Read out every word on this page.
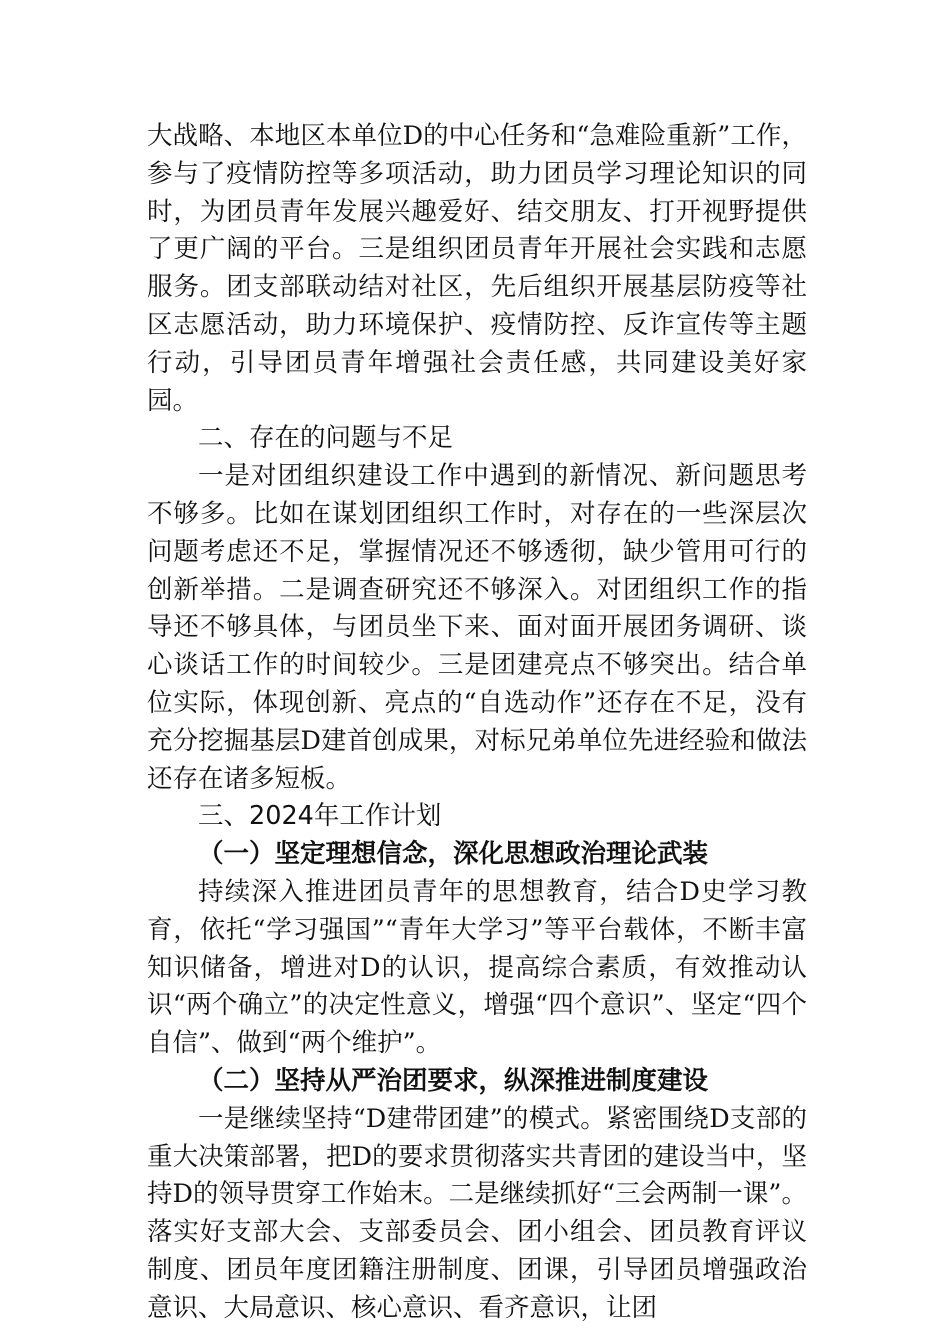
大战略、本地区本单位D的中心任务和“急难险重新”工作，参与了疫情防控等多项活动，助力团员学习理论知识的同时，为团员青年发展兴趣爱好、结交朋友、打开视野提供了更广阔的平台。三是组织团员青年开展社会实践和志愿服务。团支部联动结对社区，先后组织开展基层防疫等社区志愿活动，助力环境保护、疫情防控、反诈宣传等主题行动，引导团员青年增强社会责任感，共同建设美好家园。

二、存在的问题与不足

一是对团组织建设工作中遇到的新情况、新问题思考不够多。比如在谋划团组织工作时，对存在的一些深层次问题考虑还不足，掌握情况还不够透彻，缺少管用可行的创新举措。二是调查研究还不够深入。对团组织工作的指导还不够具体，与团员坐下来、面对面开展团务调研、谈心谈话工作的时间较少。三是团建亮点不够突出。结合单位实际，体现创新、亮点的“自选动作”还存在不足，没有充分挖掘基层D建首创成果，对标兄弟单位先进经验和做法还存在诸多短板。

三、2024年工作计划

（一）坚定理想信念，深化思想政治理论武装

持续深入推进团员青年的思想教育，结合D史学习教育，依托“学习强国”“青年大学习”等平台载体，不断丰富知识储备，增进对D的认识，提高综合素质，有效推动认识“两个确立”的决定性意义，增强“四个意识”、坚定“四个自信”、做到“两个维护”。

（二）坚持从严治团要求，纵深推进制度建设

一是继续坚持“D建带团建”的模式。紧密围绕D支部的重大决策部署，把D的要求贯彻落实共青团的建设当中，坚持D的领导贯穿工作始末。二是继续抓好“三会两制一课”。落实好支部大会、支部委员会、团小组会、团员教育评议制度、团员年度团籍注册制度、团课，引导团员增强政治意识、大局意识、核心意识、看齐意识，让团
